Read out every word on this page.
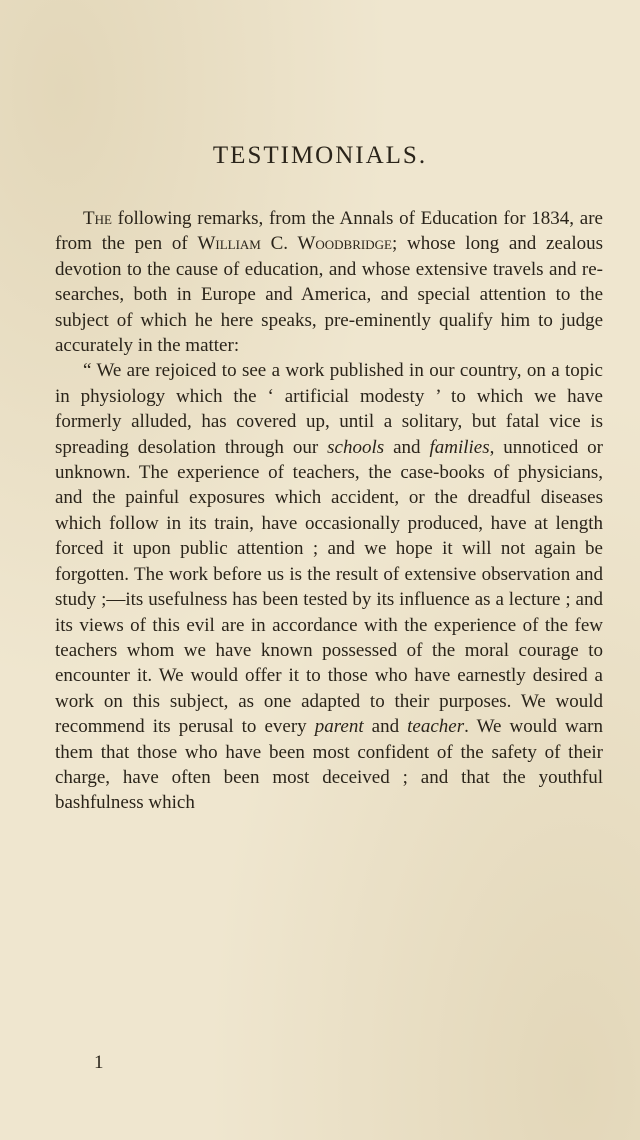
TESTIMONIALS.

The following remarks, from the Annals of Education for 1834, are from the pen of William C. Woodbridge; whose long and zealous devotion to the cause of education, and whose extensive travels and researches, both in Europe and America, and special attention to the subject of which he here speaks, pre-eminently qualify him to judge accurately in the matter:

“ We are rejoiced to see a work published in our country, on a topic in physiology which the ‘ artificial modesty ’ to which we have formerly alluded, has covered up, until a solitary, but fatal vice is spreading desolation through our schools and families, unnoticed or unknown. The experience of teachers, the case-books of physicians, and the painful exposures which accident, or the dreadful diseases which follow in its train, have occasionally produced, have at length forced it upon public attention ; and we hope it will not again be forgotten. The work before us is the result of extensive observation and study ;—its usefulness has been tested by its influence as a lecture ; and its views of this evil are in accordance with the experience of the few teachers whom we have known possessed of the moral courage to encounter it. We would offer it to those who have earnestly desired a work on this subject, as one adapted to their purposes. We would recommend its perusal to every parent and teacher. We would warn them that those who have been most confident of the safety of their charge, have often been most deceived ; and that the youthful bashfulness which

1
